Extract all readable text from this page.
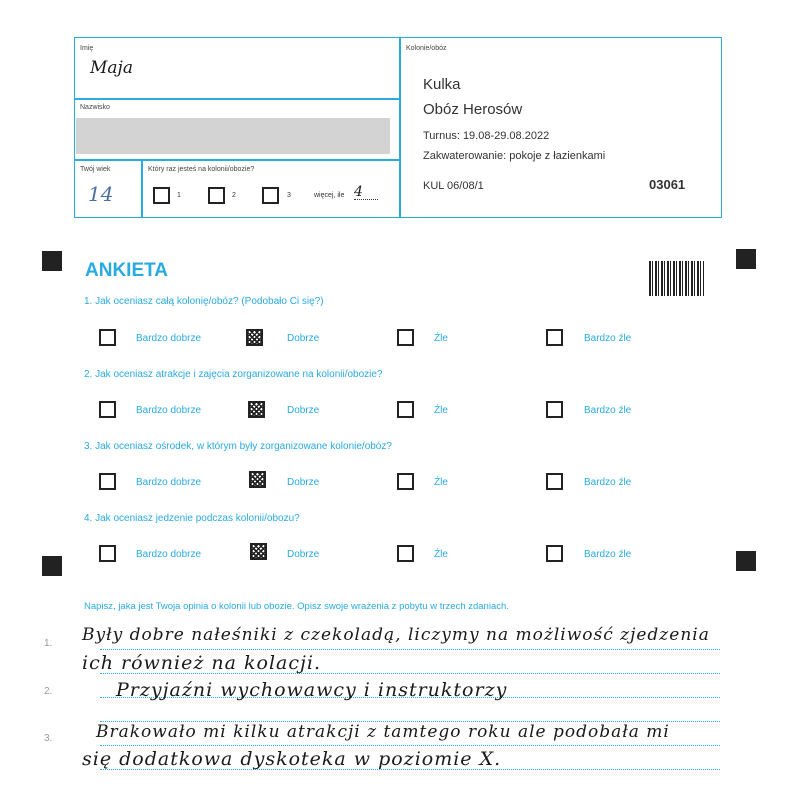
Imię
Maja
Nazwisko
Twój wiek
14
Który raz jesteś na kolonii/obozie?
1	2	3	więcej, ile 4
Kolonie/obóz
Kulka
Obóz Herosów
Turnus: 19.08-29.08.2022
Zakwaterowanie: pokoje z łazienkami
KUL 06/08/1	03061
ANKIETA
1. Jak oceniasz całą kolonię/obóz? (Podobało Ci się?)
Bardzo dobrze	Dobrze	Źle	Bardzo źle
2. Jak oceniasz atrakcje i zajęcia zorganizowane na kolonii/obozie?
Bardzo dobrze	Dobrze	Źle	Bardzo źle
3. Jak oceniasz ośrodek, w którym były zorganizowane kolonie/obóz?
Bardzo dobrze	Dobrze	Źle	Bardzo źle
4. Jak oceniasz jedzenie podczas kolonii/obozu?
Bardzo dobrze	Dobrze	Źle	Bardzo źle
Napisz, jaka jest Twoja opinia o kolonii lub obozie. Opisz swoje wrażenia z pobytu w trzech zdaniach.
1.
2.
3.
Były dobre nałeśniki z czekoladą, liczymy na możliwość zjedzenia
ich również na kolacji.
Przyjaźni wychowawcy i instruktorzy
Brakowało mi kilku atrakcji z tamtego roku ale podobała mi
się dodatkowa dyskoteka w poziomie X.
